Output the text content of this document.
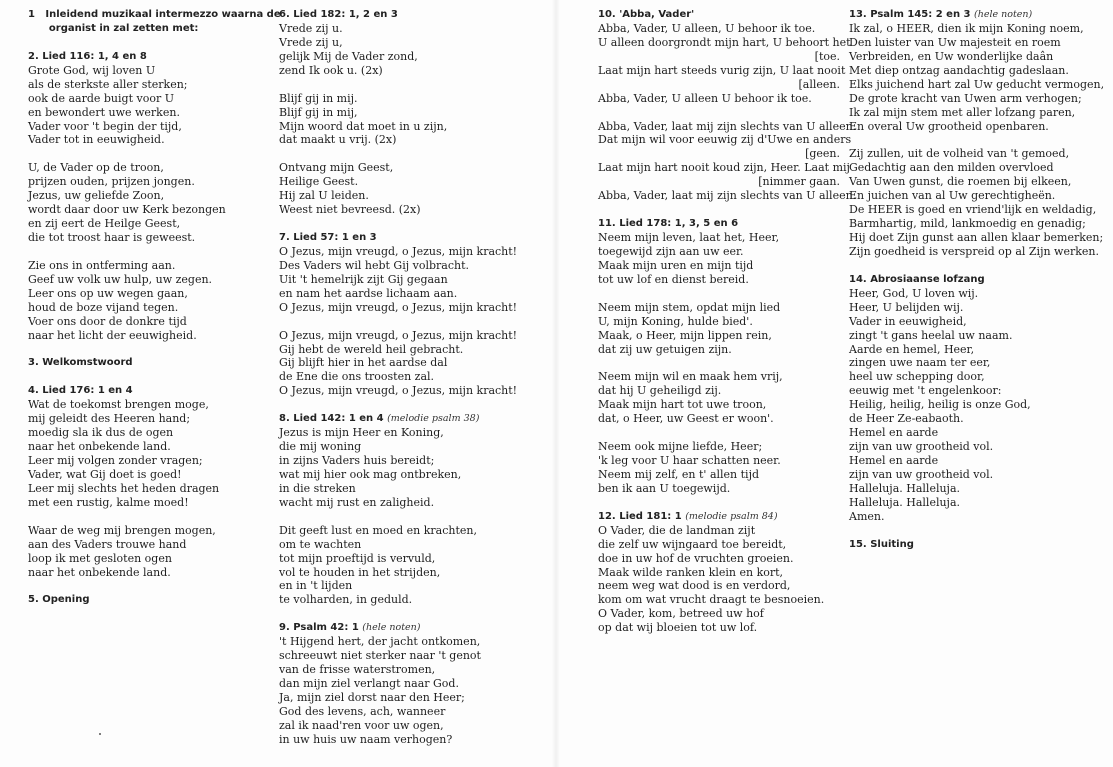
1   Inleidend muzikaal intermezzo waarna de
organist in zal zetten met:
2. Lied 116: 1, 4 en 8
Grote God, wij loven U
als de sterkste aller sterken;
ook de aarde buigt voor U
en bewondert uwe werken.
Vader voor 't begin der tijd,
Vader tot in eeuwigheid.
U, de Vader op de troon,
prijzen ouden, prijzen jongen.
Jezus, uw geliefde Zoon,
wordt daar door uw Kerk bezongen
en zij eert de Heilge Geest,
die tot troost haar is geweest.
Zie ons in ontferming aan.
Geef uw volk uw hulp, uw zegen.
Leer ons op uw wegen gaan,
houd de boze vijand tegen.
Voer ons door de donkre tijd
naar het licht der eeuwigheid.
3. Welkomstwoord
4. Lied 176: 1 en 4
Wat de toekomst brengen moge,
mij geleidt des Heeren hand;
moedig sla ik dus de ogen
naar het onbekende land.
Leer mij volgen zonder vragen;
Vader, wat Gij doet is goed!
Leer mij slechts het heden dragen
met een rustig, kalme moed!
Waar de weg mij brengen mogen,
aan des Vaders trouwe hand
loop ik met gesloten ogen
naar het onbekende land.
5. Opening
6. Lied 182: 1, 2 en 3
Vrede zij u.
Vrede zij u,
gelijk Mij de Vader zond,
zend Ik ook u. (2x)
Blijf gij in mij.
Blijf gij in mij,
Mijn woord dat moet in u zijn,
dat maakt u vrij. (2x)
Ontvang mijn Geest,
Heilige Geest.
Hij zal U leiden.
Weest niet bevreesd. (2x)
7. Lied 57: 1 en 3
O Jezus, mijn vreugd, o Jezus, mijn kracht!
Des Vaders wil hebt Gij volbracht.
Uit 't hemelrijk zijt Gij gegaan
en nam het aardse lichaam aan.
O Jezus, mijn vreugd, o Jezus, mijn kracht!
O Jezus, mijn vreugd, o Jezus, mijn kracht!
Gij hebt de wereld heil gebracht.
Gij blijft hier in het aardse dal
de Ene die ons troosten zal.
O Jezus, mijn vreugd, o Jezus, mijn kracht!
8. Lied 142: 1 en 4 (melodie psalm 38)
Jezus is mijn Heer en Koning,
die mij woning
in zijns Vaders huis bereidt;
wat mij hier ook mag ontbreken,
in die streken
wacht mij rust en zaligheid.
Dit geeft lust en moed en krachten,
om te wachten
tot mijn proeftijd is vervuld,
vol te houden in het strijden,
en in 't lijden
te volharden, in geduld.
9. Psalm 42: 1 (hele noten)
't Hijgend hert, der jacht ontkomen,
schreeuwt niet sterker naar 't genot
van de frisse waterstromen,
dan mijn ziel verlangt naar God.
Ja, mijn ziel dorst naar den Heer;
God des levens, ach, wanneer
zal ik naad'ren voor uw ogen,
in uw huis uw naam verhogen?
10. 'Abba, Vader'
Abba, Vader, U alleen, U behoor ik toe.
U alleen doorgrondt mijn hart, U behoort het
[toe.
Laat mijn hart steeds vurig zijn, U laat nooit
[alleen.
Abba, Vader, U alleen U behoor ik toe.
Abba, Vader, laat mij zijn slechts van U alleen.
Dat mijn wil voor eeuwig zij d'Uwe en anders
[geen.
Laat mijn hart nooit koud zijn, Heer. Laat mij
[nimmer gaan.
Abba, Vader, laat mij zijn slechts van U alleen.
11. Lied 178: 1, 3, 5 en 6
Neem mijn leven, laat het, Heer,
toegewijd zijn aan uw eer.
Maak mijn uren en mijn tijd
tot uw lof en dienst bereid.
Neem mijn stem, opdat mijn lied
U, mijn Koning, hulde bied'.
Maak, o Heer, mijn lippen rein,
dat zij uw getuigen zijn.
Neem mijn wil en maak hem vrij,
dat hij U geheiligd zij.
Maak mijn hart tot uwe troon,
dat, o Heer, uw Geest er woon'.
Neem ook mijne liefde, Heer;
'k leg voor U haar schatten neer.
Neem mij zelf, en t' allen tijd
ben ik aan U toegewijd.
12. Lied 181: 1 (melodie psalm 84)
O Vader, die de landman zijt
die zelf uw wijngaard toe bereidt,
doe in uw hof de vruchten groeien.
Maak wilde ranken klein en kort,
neem weg wat dood is en verdord,
kom om wat vrucht draagt te besnoeien.
O Vader, kom, betreed uw hof
op dat wij bloeien tot uw lof.
13. Psalm 145: 2 en 3 (hele noten)
Ik zal, o HEER, dien ik mijn Koning noem,
Den luister van Uw majesteit en roem
Verbreiden, en Uw wonderlijke daân
Met diep ontzag aandachtig gadeslaan.
Elks juichend hart zal Uw geducht vermogen,
De grote kracht van Uwen arm verhogen;
Ik zal mijn stem met aller lofzang paren,
En overal Uw grootheid openbaren.
Zij zullen, uit de volheid van 't gemoed,
Gedachtig aan den milden overvloed
Van Uwen gunst, die roemen bij elkeen,
En juichen van al Uw gerechtigheën.
De HEER is goed en vriend'lijk en weldadig,
Barmhartig, mild, lankmoedig en genadig;
Hij doet Zijn gunst aan allen klaar bemerken;
Zijn goedheid is verspreid op al Zijn werken.
14. Abrosiaanse lofzang
Heer, God, U loven wij.
Heer, U belijden wij.
Vader in eeuwigheid,
zingt 't gans heelal uw naam.
Aarde en hemel, Heer,
zingen uwe naam ter eer,
heel uw schepping door,
eeuwig met 't engelenkoor:
Heilig, heilig, heilig is onze God,
de Heer Ze-eabaoth.
Hemel en aarde
zijn van uw grootheid vol.
Hemel en aarde
zijn van uw grootheid vol.
Halleluja. Halleluja.
Halleluja. Halleluja.
Amen.
15. Sluiting
